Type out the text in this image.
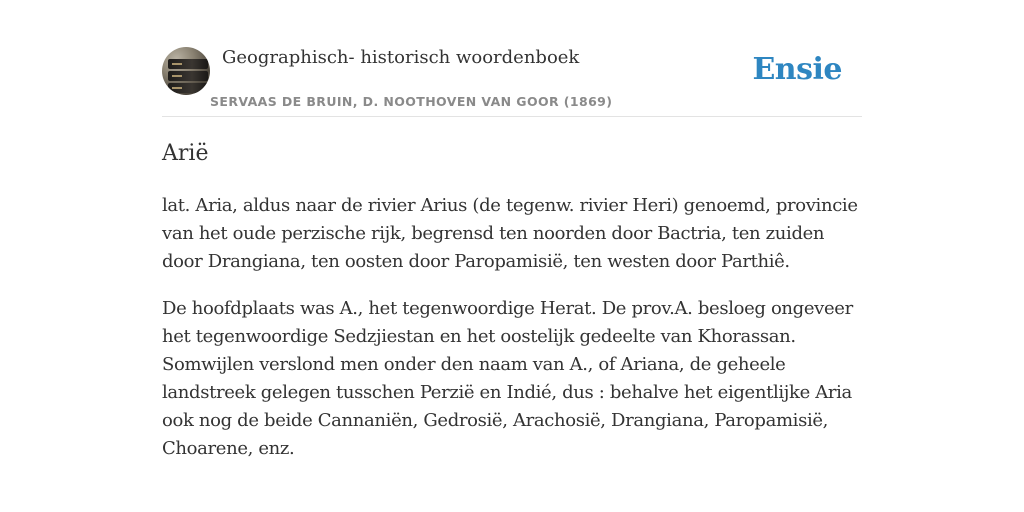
Geographisch- historisch woordenboek
SERVAAS DE BRUIN, D. NOOTHOVEN VAN GOOR (1869)
Ensie
Arië

lat. Aria, aldus naar de rivier Arius (de tegenw. rivier Heri) genoemd, provincie van het oude perzische rijk, begrensd ten noorden door Bactria, ten zuiden door Drangiana, ten oosten door Paropamisië, ten westen door Parthiê.

De hoofdplaats was A., het tegenwoordige Herat. De prov.A. besloeg ongeveer het tegenwoordige Sedzjiestan en het oostelijk gedeelte van Khorassan. Somwijlen verslond men onder den naam van A., of Ariana, de geheele landstreek gelegen tusschen Perzië en Indié, dus : behalve het eigentlijke Aria ook nog de beide Cannaniën, Gedrosië, Arachosië, Drangiana, Paropamisië, Choarene, enz.
